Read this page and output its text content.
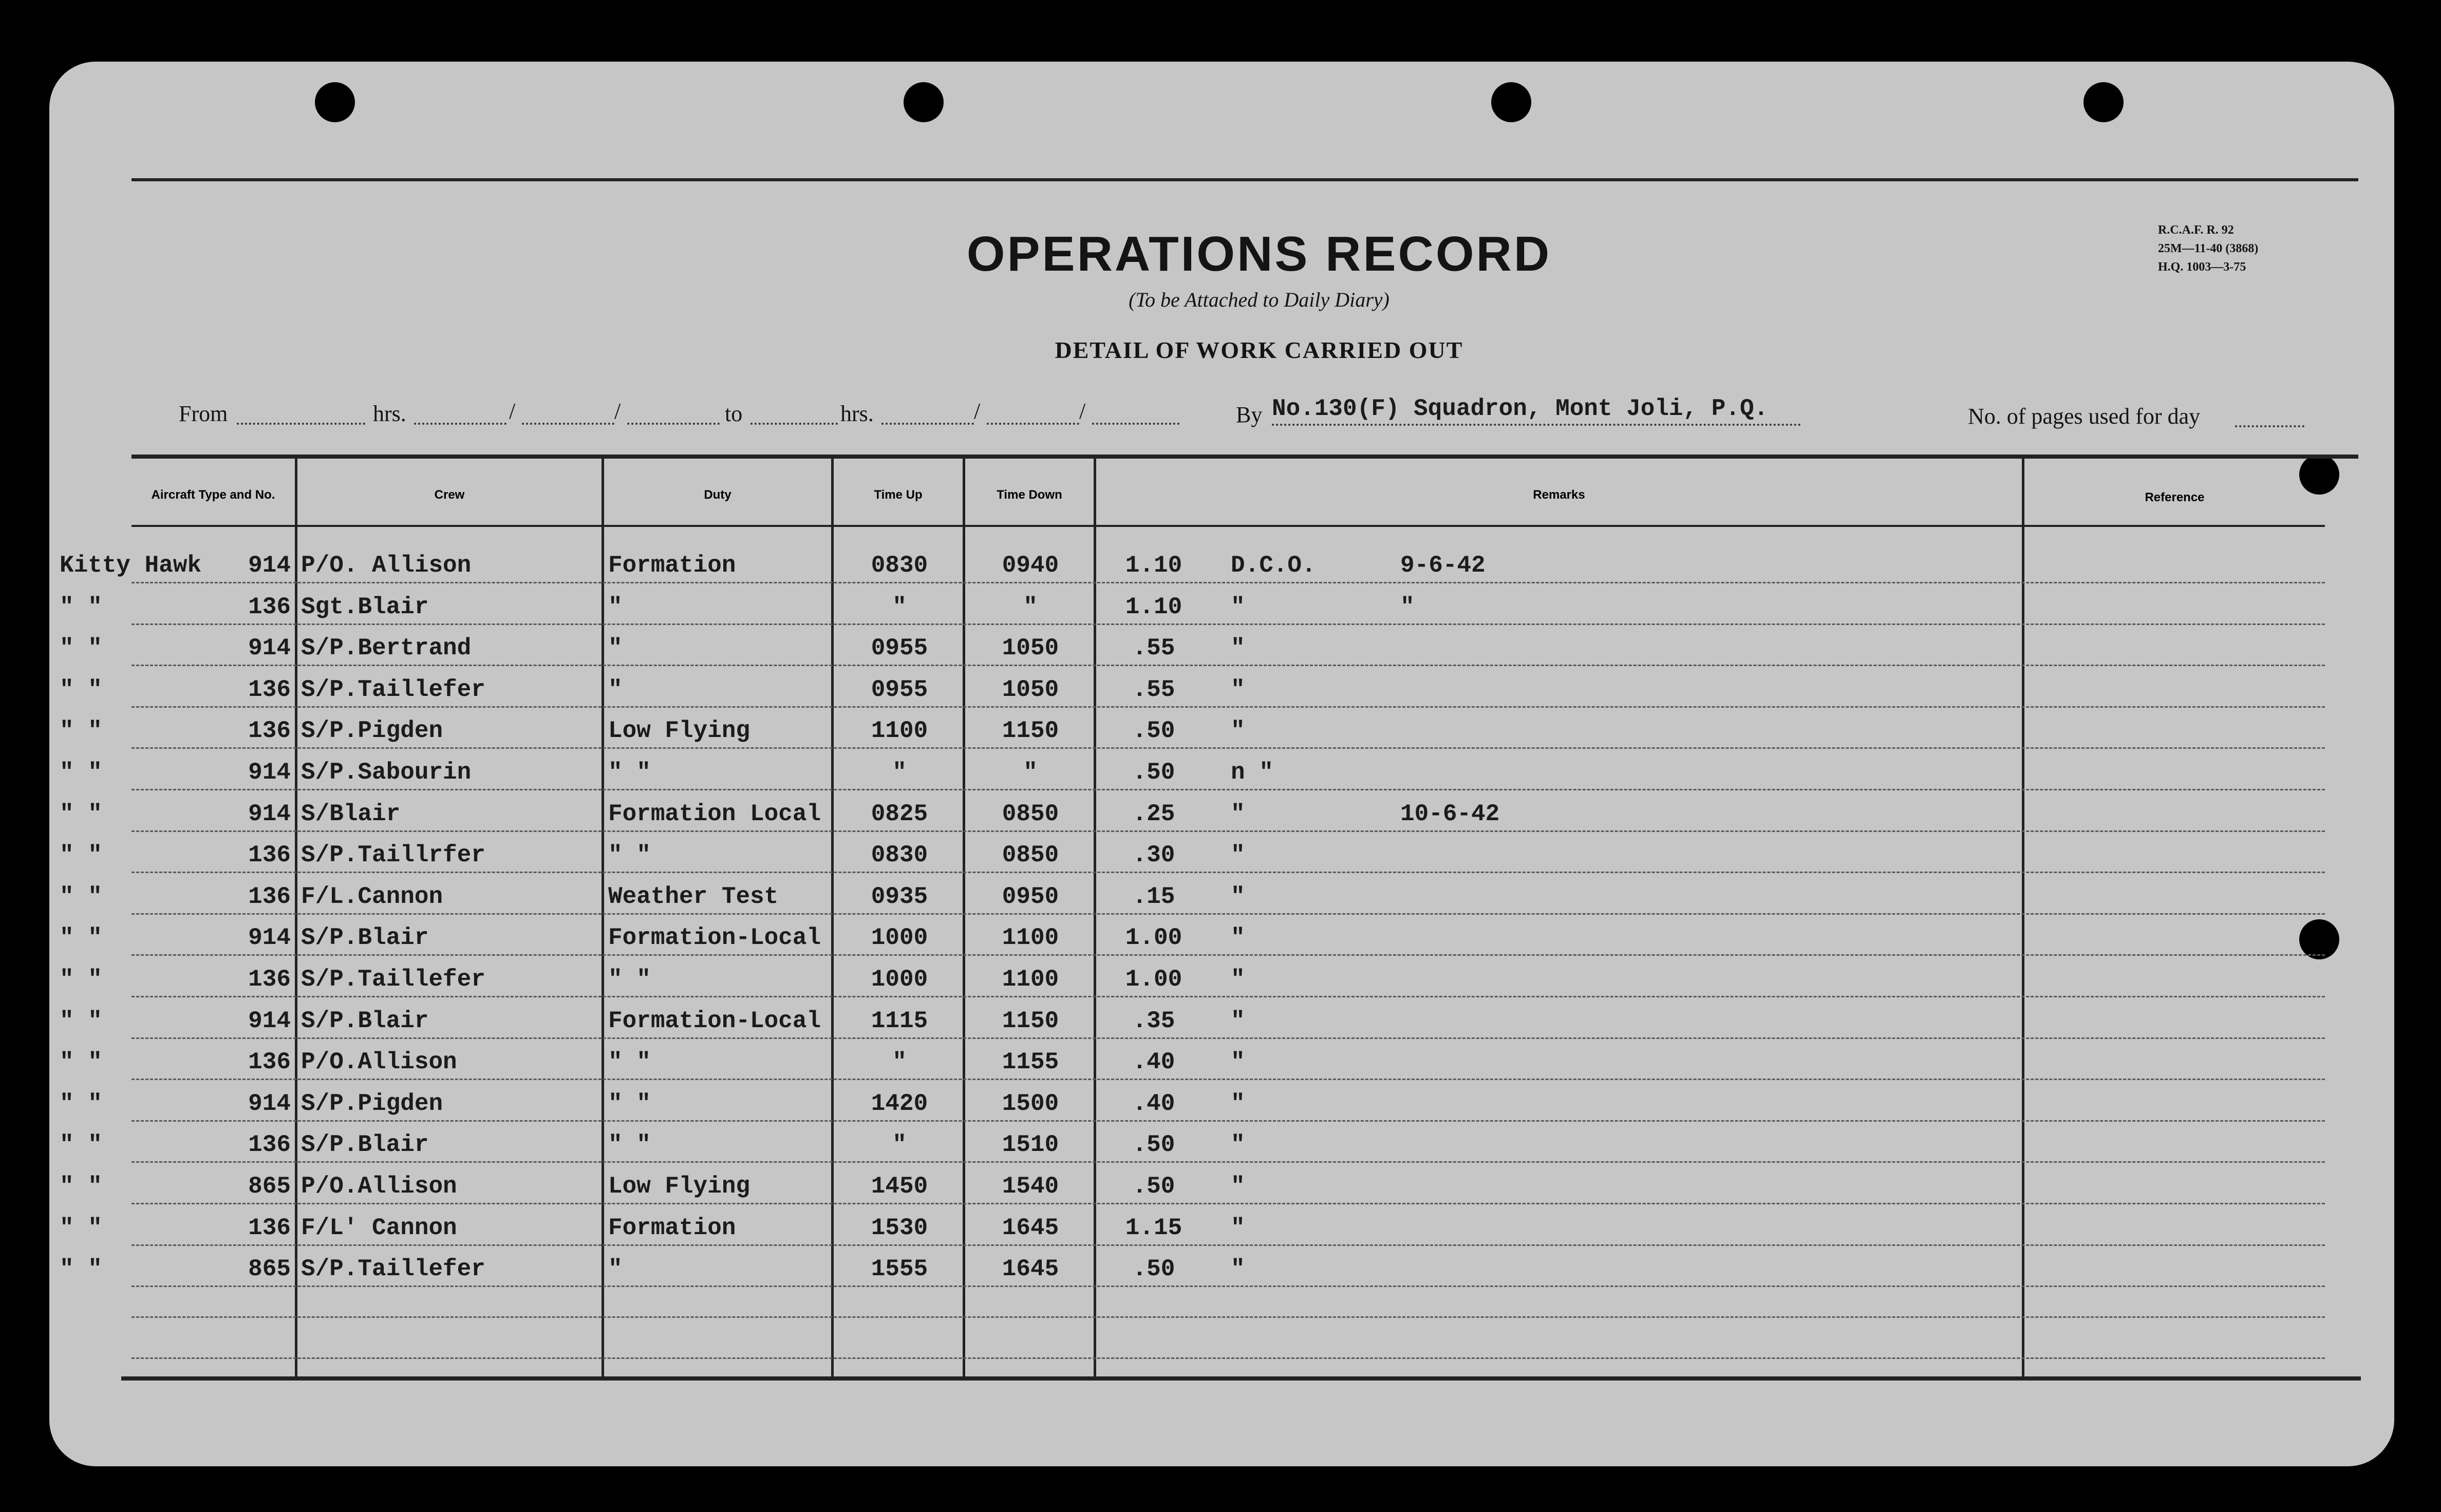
OPERATIONS RECORD
(To be Attached to Daily Diary)
DETAIL OF WORK CARRIED OUT
R.C.A.F. R. 92
25M—11-40 (3868)
H.Q. 1003—3-75
From	hrs.	/	/	to	hrs.	/	/	By No.130(F) Squadron, Mont Joli, P.Q.	No. of pages used for day
Aircraft Type and No.	Crew	Duty	Time Up	Time Down	Remarks	Reference
Kitty Hawk	914 P/O. Allison	Formation	0830	0940	1.10	D.C.O.	9-6-42
" "	136 Sgt.Blair	"	"	"	1.10	"	"
" "	914 S/P.Bertrand	"	0955	1050	.55	"
" "	136 S/P.Taillefer	"	0955	1050	.55	"
" "	136 S/P.Pigden	Low Flying	1100	1150	.50	"
" "	914 S/P.Sabourin	" "	"	"	.50	n "
" "	914 S/Blair	Formation Local	0825	0850	.25	"	10-6-42
" "	136 S/P.Taillrfer	" "	0830	0850	.30	"
" "	136 F/L.Cannon	Weather Test	0935	0950	.15	"
" "	914 S/P.Blair	Formation-Local	1000	1100	1.00	"
" "	136 S/P.Taillefer	" "	1000	1100	1.00	"
" "	914 S/P.Blair	Formation-Local	1115	1150	.35	"
" "	136 P/O.Allison	" "	"	1155	.40	"
" "	914 S/P.Pigden	" "	1420	1500	.40	"
" "	136 S/P.Blair	" "	"	1510	.50	"
" "	865 P/O.Allison	Low Flying	1450	1540	.50	"
" "	136 F/L' Cannon	Formation	1530	1645	1.15	"
" "	865 S/P.Taillefer	"	1555	1645	.50	"
